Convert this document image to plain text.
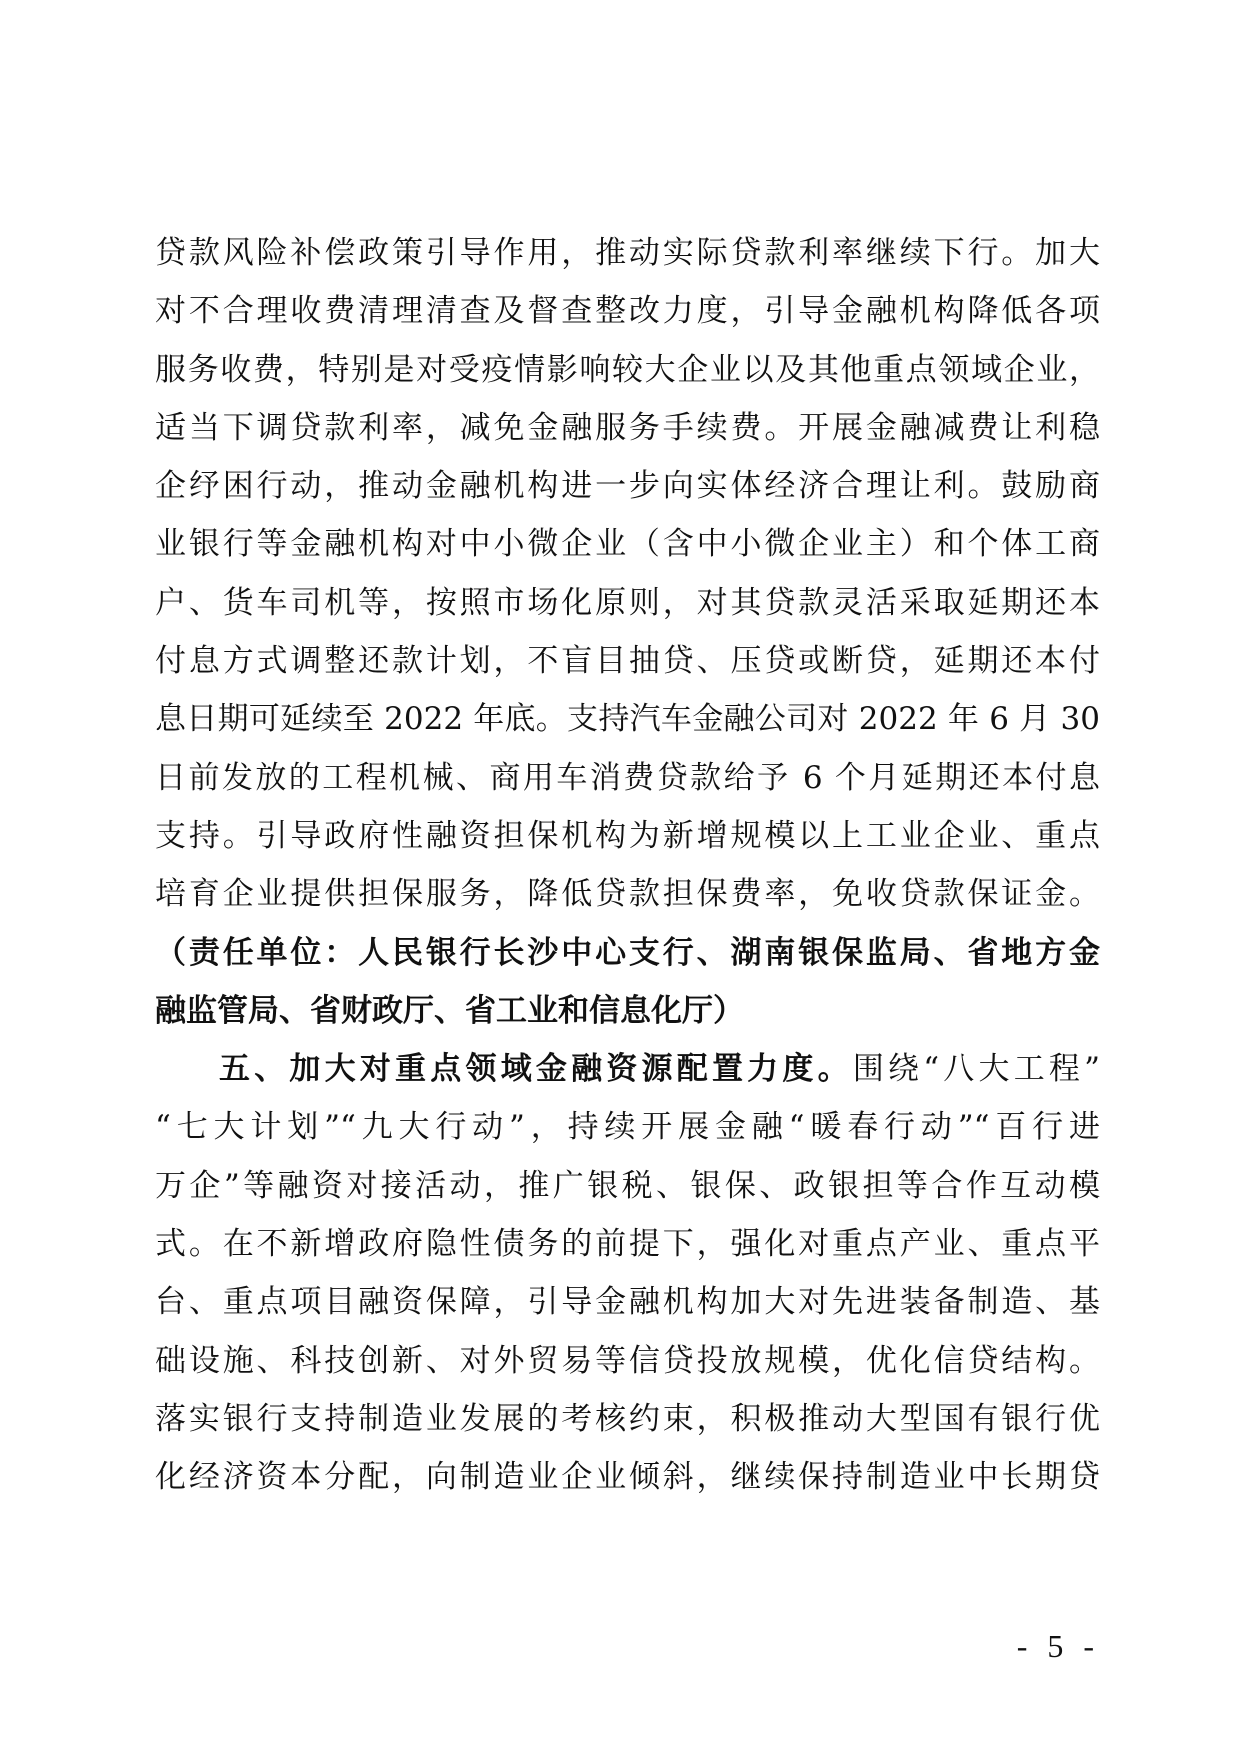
贷款风险补偿政策引导作用，推动实际贷款利率继续下行。加大
对不合理收费清理清查及督查整改力度，引导金融机构降低各项
服务收费，特别是对受疫情影响较大企业以及其他重点领域企业，
适当下调贷款利率，减免金融服务手续费。开展金融减费让利稳
企纾困行动，推动金融机构进一步向实体经济合理让利。鼓励商
业银行等金融机构对中小微企业（含中小微企业主）和个体工商
户、货车司机等，按照市场化原则，对其贷款灵活采取延期还本
付息方式调整还款计划，不盲目抽贷、压贷或断贷，延期还本付
息日期可延续至 2022 年底。支持汽车金融公司对 2022 年 6 月 30
日前发放的工程机械、商用车消费贷款给予 6 个月延期还本付息
支持。引导政府性融资担保机构为新增规模以上工业企业、重点
培育企业提供担保服务，降低贷款担保费率，免收贷款保证金。
（责任单位：人民银行长沙中心支行、湖南银保监局、省地方金
融监管局、省财政厅、省工业和信息化厅）
五、加大对重点领域金融资源配置力度。围绕“八大工程”
“七大计划”“九大行动”，持续开展金融“暖春行动”“百行进
万企”等融资对接活动，推广银税、银保、政银担等合作互动模
式。在不新增政府隐性债务的前提下，强化对重点产业、重点平
台、重点项目融资保障，引导金融机构加大对先进装备制造、基
础设施、科技创新、对外贸易等信贷投放规模，优化信贷结构。
落实银行支持制造业发展的考核约束，积极推动大型国有银行优
化经济资本分配，向制造业企业倾斜，继续保持制造业中长期贷
- 5 -
